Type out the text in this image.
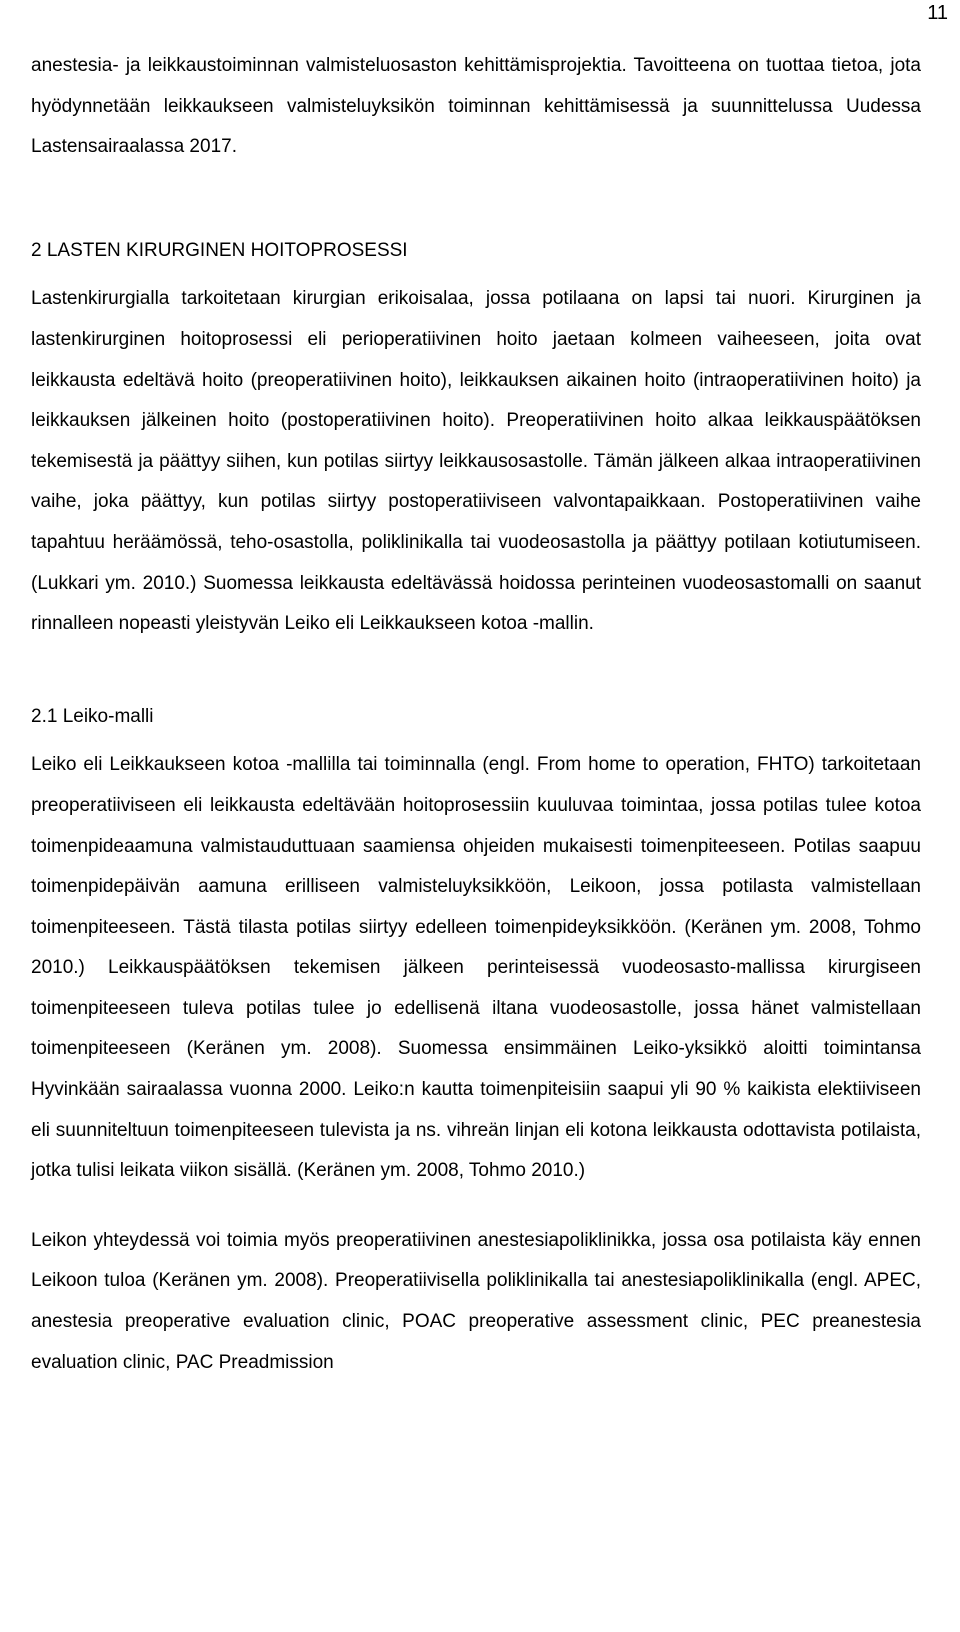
11

anestesia- ja leikkaustoiminnan valmisteluosaston kehittämisprojektia. Tavoitteena on tuottaa tietoa, jota hyödynnetään leikkaukseen valmisteluyksikön toiminnan kehittämisessä ja suunnittelussa Uudessa Lastensairaalassa 2017.

2 LASTEN KIRURGINEN HOITOPROSESSI

Lastenkirurgialla tarkoitetaan kirurgian erikoisalaa, jossa potilaana on lapsi tai nuori. Kirurginen ja lastenkirurginen hoitoprosessi eli perioperatiivinen hoito jaetaan kolmeen vaiheeseen, joita ovat leikkausta edeltävä hoito (preoperatiivinen hoito), leikkauksen aikainen hoito (intraoperatiivinen hoito) ja leikkauksen jälkeinen hoito (postoperatiivinen hoito). Preoperatiivinen hoito alkaa leikkauspäätöksen tekemisestä ja päättyy siihen, kun potilas siirtyy leikkausosastolle. Tämän jälkeen alkaa intraoperatiivinen vaihe, joka päättyy, kun potilas siirtyy postoperatiiviseen valvontapaikkaan. Postoperatiivinen vaihe tapahtuu heräämössä, teho-osastolla, poliklinikalla tai vuodeosastolla ja päättyy potilaan kotiutumiseen. (Lukkari ym. 2010.) Suomessa leikkausta edeltävässä hoidossa perinteinen vuodeosastomalli on saanut rinnalleen nopeasti yleistyvän Leiko eli Leikkaukseen kotoa -mallin.

2.1 Leiko-malli

Leiko eli Leikkaukseen kotoa -mallilla tai toiminnalla (engl. From home to operation, FHTO) tarkoitetaan preoperatiiviseen eli leikkausta edeltävään hoitoprosessiin kuuluvaa toimintaa, jossa potilas tulee kotoa toimenpideaamuna valmistauduttuaan saamiensa ohjeiden mukaisesti toimenpiteeseen. Potilas saapuu toimenpidepäivän aamuna erilliseen valmisteluyksikköön, Leikoon, jossa potilasta valmistellaan toimenpiteeseen. Tästä tilasta potilas siirtyy edelleen toimenpideyksikköön. (Keränen ym. 2008, Tohmo 2010.) Leikkauspäätöksen tekemisen jälkeen perinteisessä vuodeosasto-mallissa kirurgiseen toimenpiteeseen tuleva potilas tulee jo edellisenä iltana vuodeosastolle, jossa hänet valmistellaan toimenpiteeseen (Keränen ym. 2008). Suomessa ensimmäinen Leiko-yksikkö aloitti toimintansa Hyvinkään sairaalassa vuonna 2000. Leiko:n kautta toimenpiteisiin saapui yli 90 % kaikista elektiiviseen eli suunniteltuun toimenpiteeseen tulevista ja ns. vihreän linjan eli kotona leikkausta odottavista potilaista, jotka tulisi leikata viikon sisällä. (Keränen ym. 2008, Tohmo 2010.)

Leikon yhteydessä voi toimia myös preoperatiivinen anestesiapoliklinikka, jossa osa potilaista käy ennen Leikoon tuloa (Keränen ym. 2008). Preoperatiivisella poliklinikalla tai anestesiapoliklinikalla (engl. APEC, anestesia preoperative evaluation clinic, POAC preoperative assessment clinic, PEC preanestesia evaluation clinic, PAC Preadmission
